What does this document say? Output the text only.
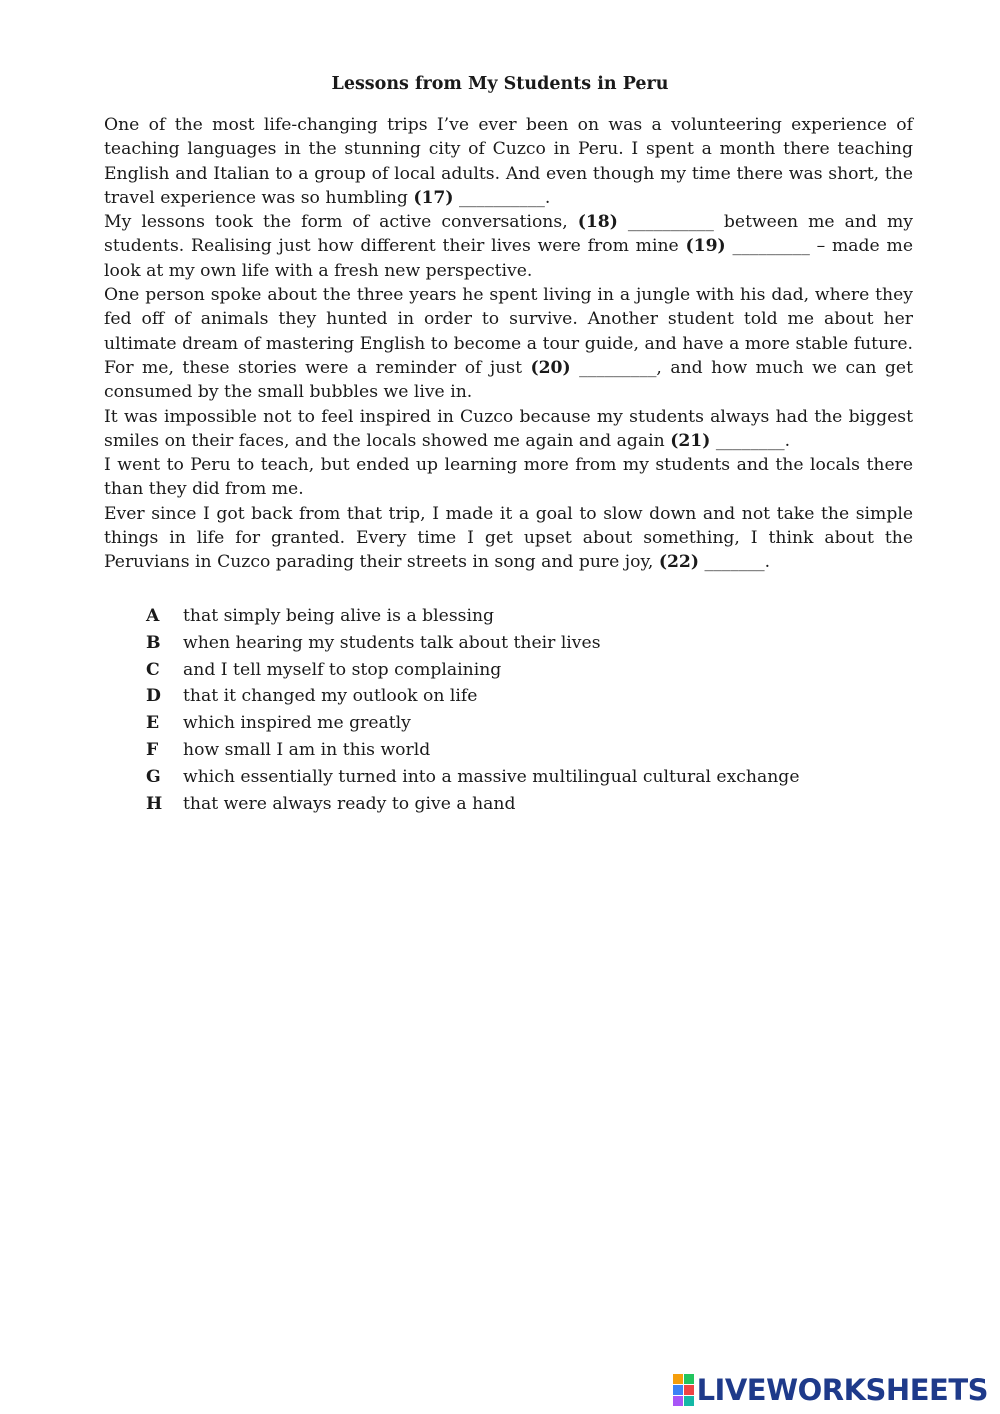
Lessons from My Students in Peru

One of the most life-changing trips I’ve ever been on was a volunteering experience of teaching languages in the stunning city of Cuzco in Peru. I spent a month there teaching English and Italian to a group of local adults. And even though my time there was short, the travel experience was so humbling (17) __________.

My lessons took the form of active conversations, (18) __________ between me and my students. Realising just how different their lives were from mine (19) _________ – made me look at my own life with a fresh new perspective.

One person spoke about the three years he spent living in a jungle with his dad, where they fed off of animals they hunted in order to survive. Another student told me about her ultimate dream of mastering English to become a tour guide, and have a more stable future. For me, these stories were a reminder of just (20) _________, and how much we can get consumed by the small bubbles we live in.

It was impossible not to feel inspired in Cuzco because my students always had the biggest smiles on their faces, and the locals showed me again and again (21) ________.

I went to Peru to teach, but ended up learning more from my students and the locals there than they did from me.

Ever since I got back from that trip, I made it a goal to slow down and not take the simple things in life for granted. Every time I get upset about something, I think about the Peruvians in Cuzco parading their streets in song and pure joy, (22) _______.

A	that simply being alive is a blessing
B	when hearing my students talk about their lives
C	and I tell myself to stop complaining
D	that it changed my outlook on life
E	which inspired me greatly
F	how small I am in this world
G	which essentially turned into a massive multilingual cultural exchange
H	that were always ready to give a hand
LIVEWORKSHEETS
